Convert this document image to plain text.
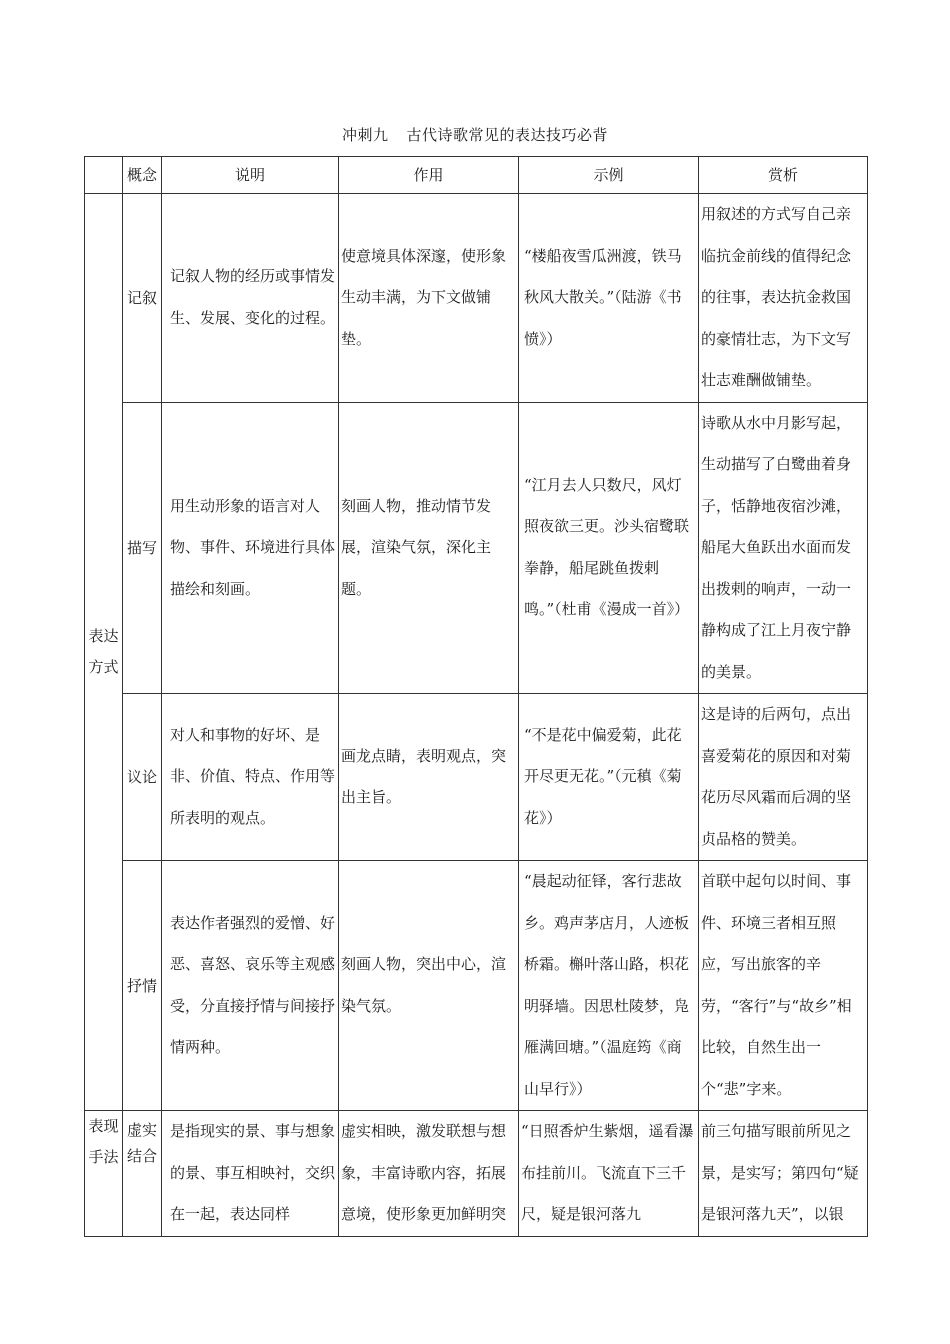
冲刺九 古代诗歌常见的表达技巧必背
	概念	说明	作用	示例	赏析
表达方式	记叙	记叙人物的经历或事情发生、发展、变化的过程。	使意境具体深邃，使形象生动丰满，为下文做铺垫。	“楼船夜雪瓜洲渡，铁马秋风大散关。”（陆游《书愤》）	用叙述的方式写自己亲临抗金前线的值得纪念的往事，表达抗金救国的豪情壮志，为下文写壮志难酬做铺垫。
	描写	用生动形象的语言对人物、事件、环境进行具体描绘和刻画。	刻画人物，推动情节发展，渲染气氛，深化主题。	“江月去人只数尺，风灯照夜欲三更。沙头宿鹭联拳静，船尾跳鱼拨剌鸣。”（杜甫《漫成一首》）	诗歌从水中月影写起，生动描写了白鹭曲着身子，恬静地夜宿沙滩，船尾大鱼跃出水面而发出拨剌的响声，一动一静构成了江上月夜宁静的美景。
	议论	对人和事物的好坏、是非、价值、特点、作用等所表明的观点。	画龙点睛，表明观点，突出主旨。	“不是花中偏爱菊，此花开尽更无花。”（元稹《菊花》）	这是诗的后两句，点出喜爱菊花的原因和对菊花历尽风霜而后凋的坚贞品格的赞美。
	抒情	表达作者强烈的爱憎、好恶、喜怒、哀乐等主观感受，分直接抒情与间接抒情两种。	刻画人物，突出中心，渲染气氛。	“晨起动征铎，客行悲故乡。鸡声茅店月，人迹板桥霜。槲叶落山路，枳花明驿墙。因思杜陵梦，凫雁满回塘。”（温庭筠《商山早行》）	首联中起句以时间、事件、环境三者相互照应，写出旅客的辛劳，“客行”与“故乡”相比较，自然生出一个“悲”字来。
表现手法	虚实结合	是指现实的景、事与想象的景、事互相映衬，交织在一起，表达同样	虚实相映，激发联想与想象，丰富诗歌内容，拓展意境，使形象更加鲜明突	“日照香炉生紫烟，遥看瀑布挂前川。飞流直下三千尺，疑是银河落九	前三句描写眼前所见之景，是实写；第四句“疑是银河落九天”，以银
